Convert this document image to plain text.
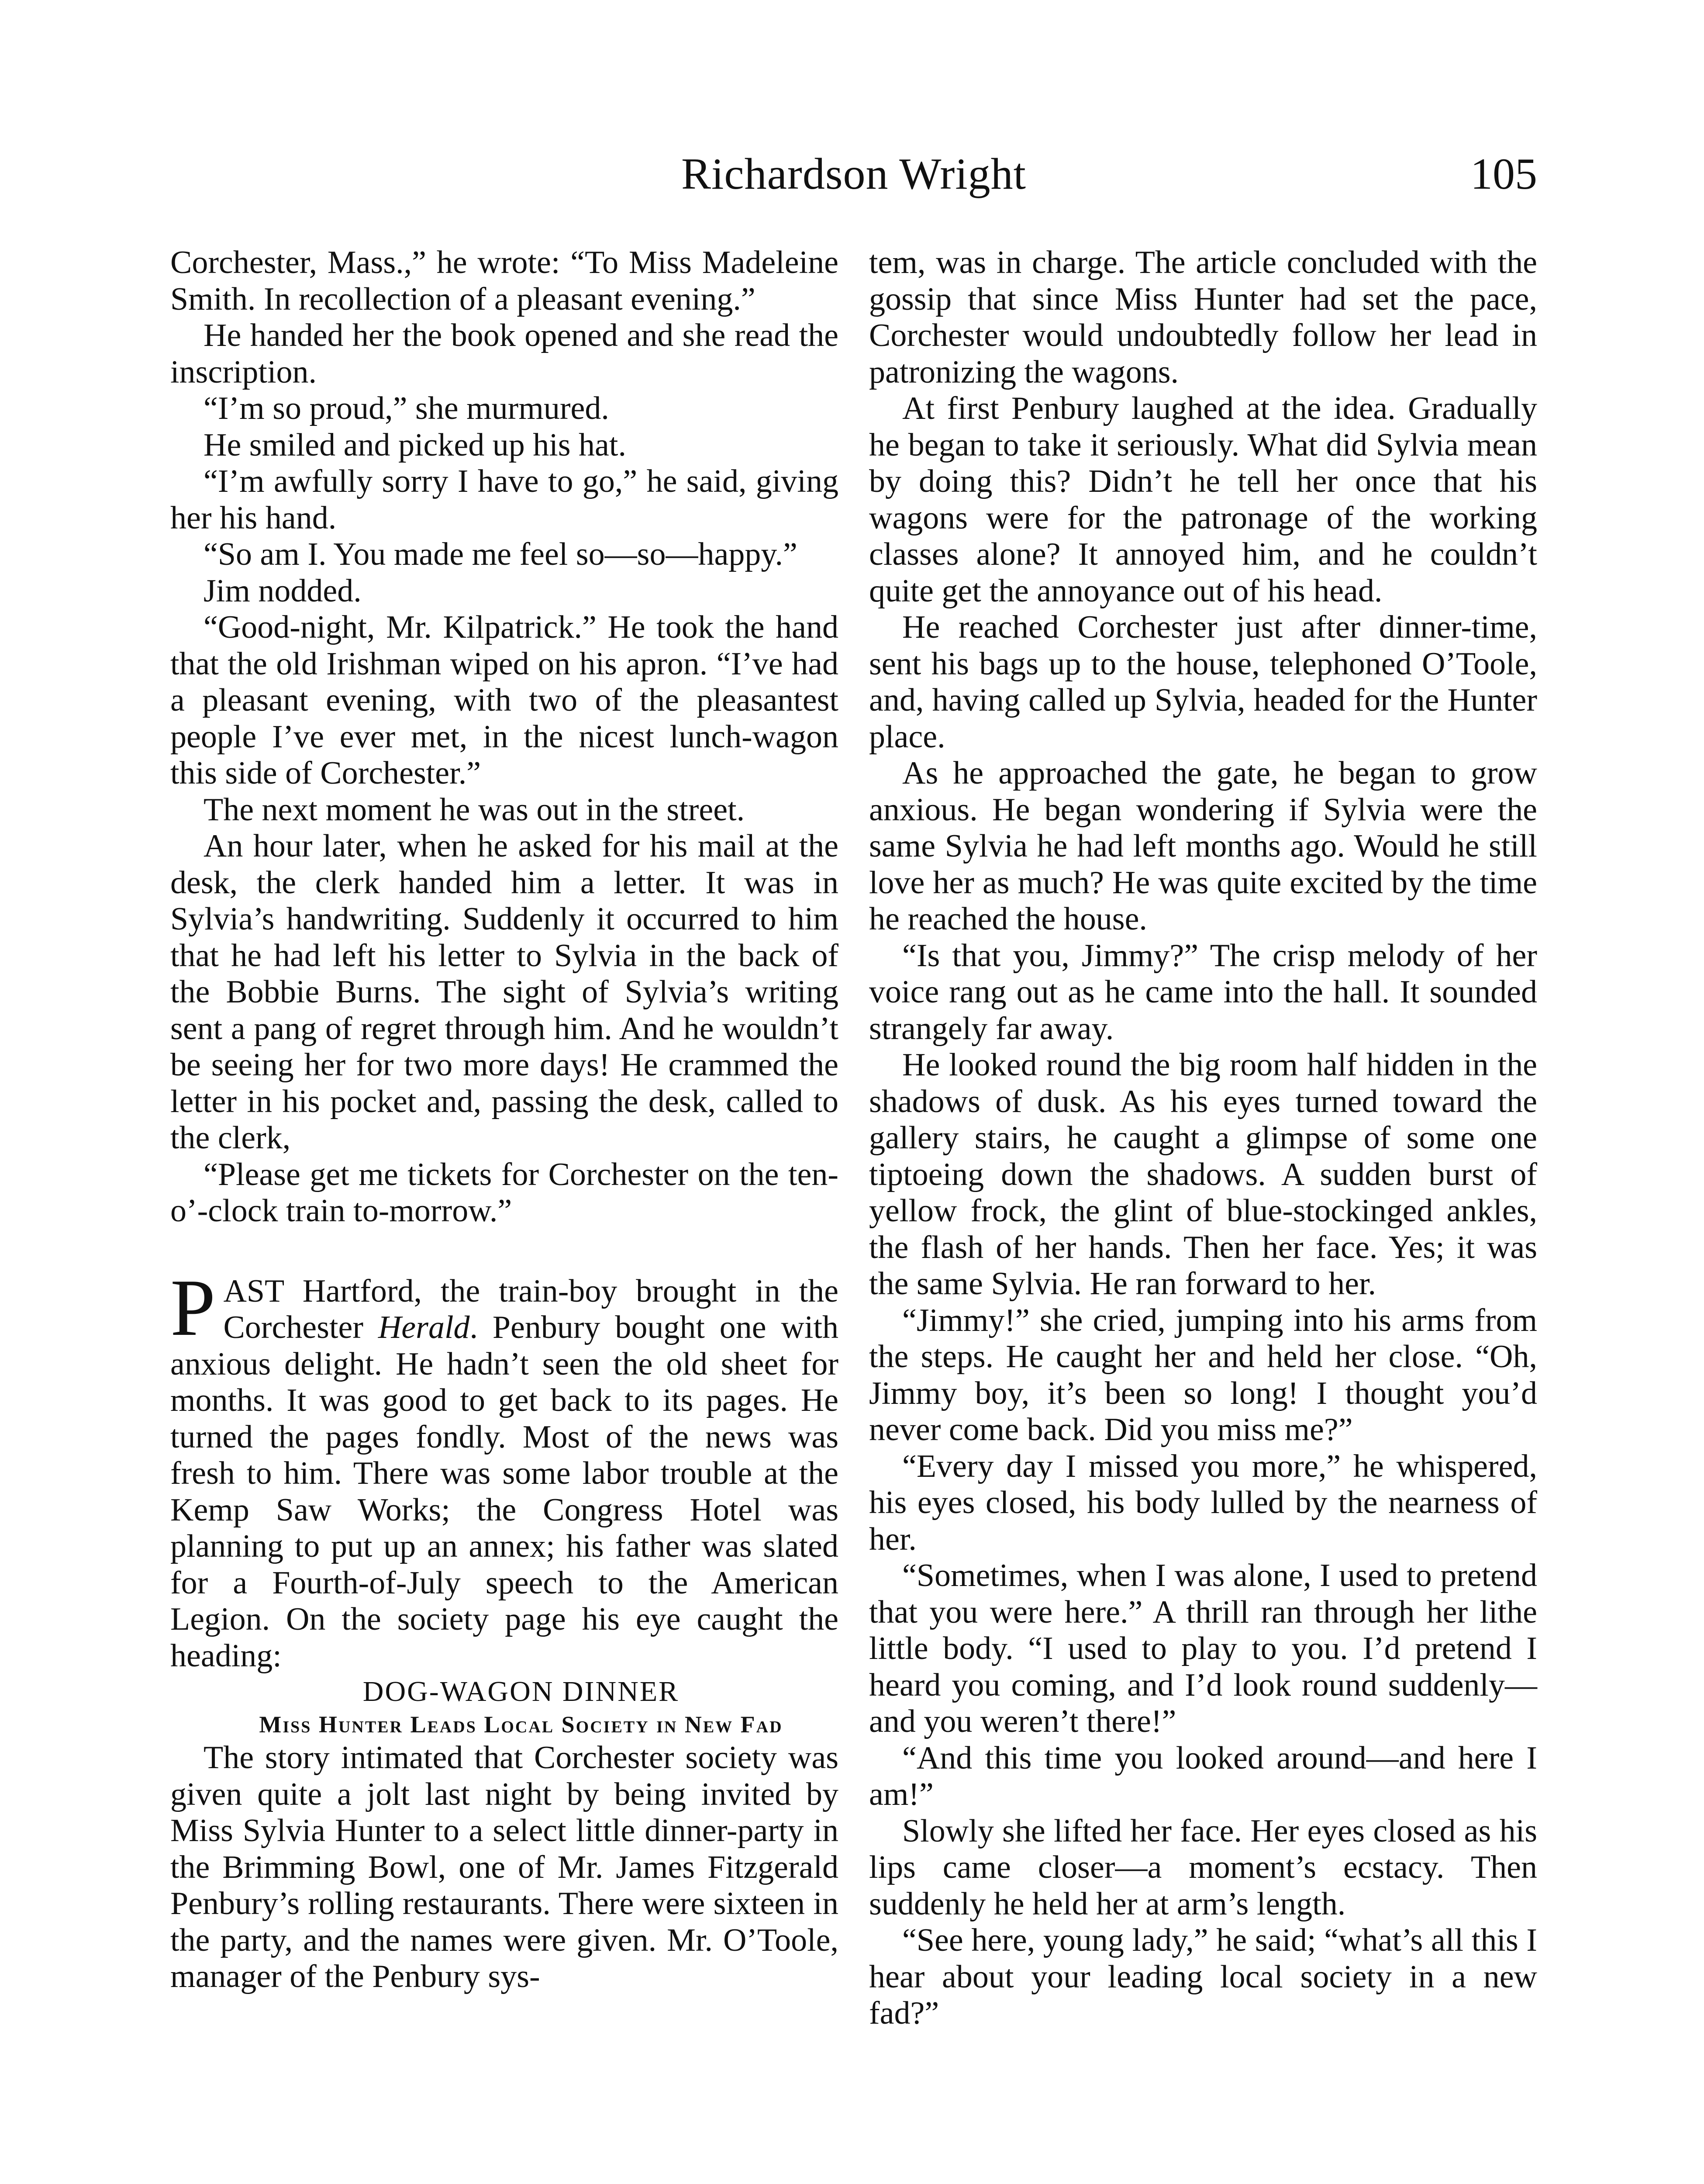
Richardson Wright	105

Corchester, Mass.,” he wrote: “To Miss Madeleine Smith. In recollection of a pleasant evening.”

He handed her the book opened and she read the inscription.

“I’m so proud,” she murmured.

He smiled and picked up his hat.

“I’m awfully sorry I have to go,” he said, giving her his hand.

“So am I. You made me feel so—so—happy.”

Jim nodded.

“Good-night, Mr. Kilpatrick.” He took the hand that the old Irishman wiped on his apron. “I’ve had a pleasant evening, with two of the pleasantest people I’ve ever met, in the nicest lunch-wagon this side of Corchester.”

The next moment he was out in the street.

An hour later, when he asked for his mail at the desk, the clerk handed him a letter. It was in Sylvia’s handwriting. Suddenly it occurred to him that he had left his letter to Sylvia in the back of the Bobbie Burns. The sight of Sylvia’s writing sent a pang of regret through him. And he wouldn’t be seeing her for two more days! He crammed the letter in his pocket and, passing the desk, called to the clerk,

“Please get me tickets for Corchester on the ten-o’-clock train to-morrow.”

PAST Hartford, the train-boy brought in the Corchester Herald. Penbury bought one with anxious delight. He hadn’t seen the old sheet for months. It was good to get back to its pages. He turned the pages fondly. Most of the news was fresh to him. There was some labor trouble at the Kemp Saw Works; the Congress Hotel was planning to put up an annex; his father was slated for a Fourth-of-July speech to the American Legion. On the society page his eye caught the heading:

DOG-WAGON DINNER

Miss Hunter Leads Local Society in New Fad

The story intimated that Corchester society was given quite a jolt last night by being invited by Miss Sylvia Hunter to a select little dinner-party in the Brimming Bowl, one of Mr. James Fitzgerald Penbury’s rolling restaurants. There were sixteen in the party, and the names were given. Mr. O’Toole, manager of the Penbury sys-

tem, was in charge. The article concluded with the gossip that since Miss Hunter had set the pace, Corchester would undoubtedly follow her lead in patronizing the wagons.

At first Penbury laughed at the idea. Gradually he began to take it seriously. What did Sylvia mean by doing this? Didn’t he tell her once that his wagons were for the patronage of the working classes alone? It annoyed him, and he couldn’t quite get the annoyance out of his head.

He reached Corchester just after dinner-time, sent his bags up to the house, telephoned O’Toole, and, having called up Sylvia, headed for the Hunter place.

As he approached the gate, he began to grow anxious. He began wondering if Sylvia were the same Sylvia he had left months ago. Would he still love her as much? He was quite excited by the time he reached the house.

“Is that you, Jimmy?” The crisp melody of her voice rang out as he came into the hall. It sounded strangely far away.

He looked round the big room half hidden in the shadows of dusk. As his eyes turned toward the gallery stairs, he caught a glimpse of some one tiptoeing down the shadows. A sudden burst of yellow frock, the glint of blue-stockinged ankles, the flash of her hands. Then her face. Yes; it was the same Sylvia. He ran forward to her.

“Jimmy!” she cried, jumping into his arms from the steps. He caught her and held her close. “Oh, Jimmy boy, it’s been so long! I thought you’d never come back. Did you miss me?”

“Every day I missed you more,” he whispered, his eyes closed, his body lulled by the nearness of her.

“Sometimes, when I was alone, I used to pretend that you were here.” A thrill ran through her lithe little body. “I used to play to you. I’d pretend I heard you coming, and I’d look round suddenly—and you weren’t there!”

“And this time you looked around—and here I am!”

Slowly she lifted her face. Her eyes closed as his lips came closer—a moment’s ecstacy. Then suddenly he held her at arm’s length.

“See here, young lady,” he said; “what’s all this I hear about your leading local society in a new fad?”
